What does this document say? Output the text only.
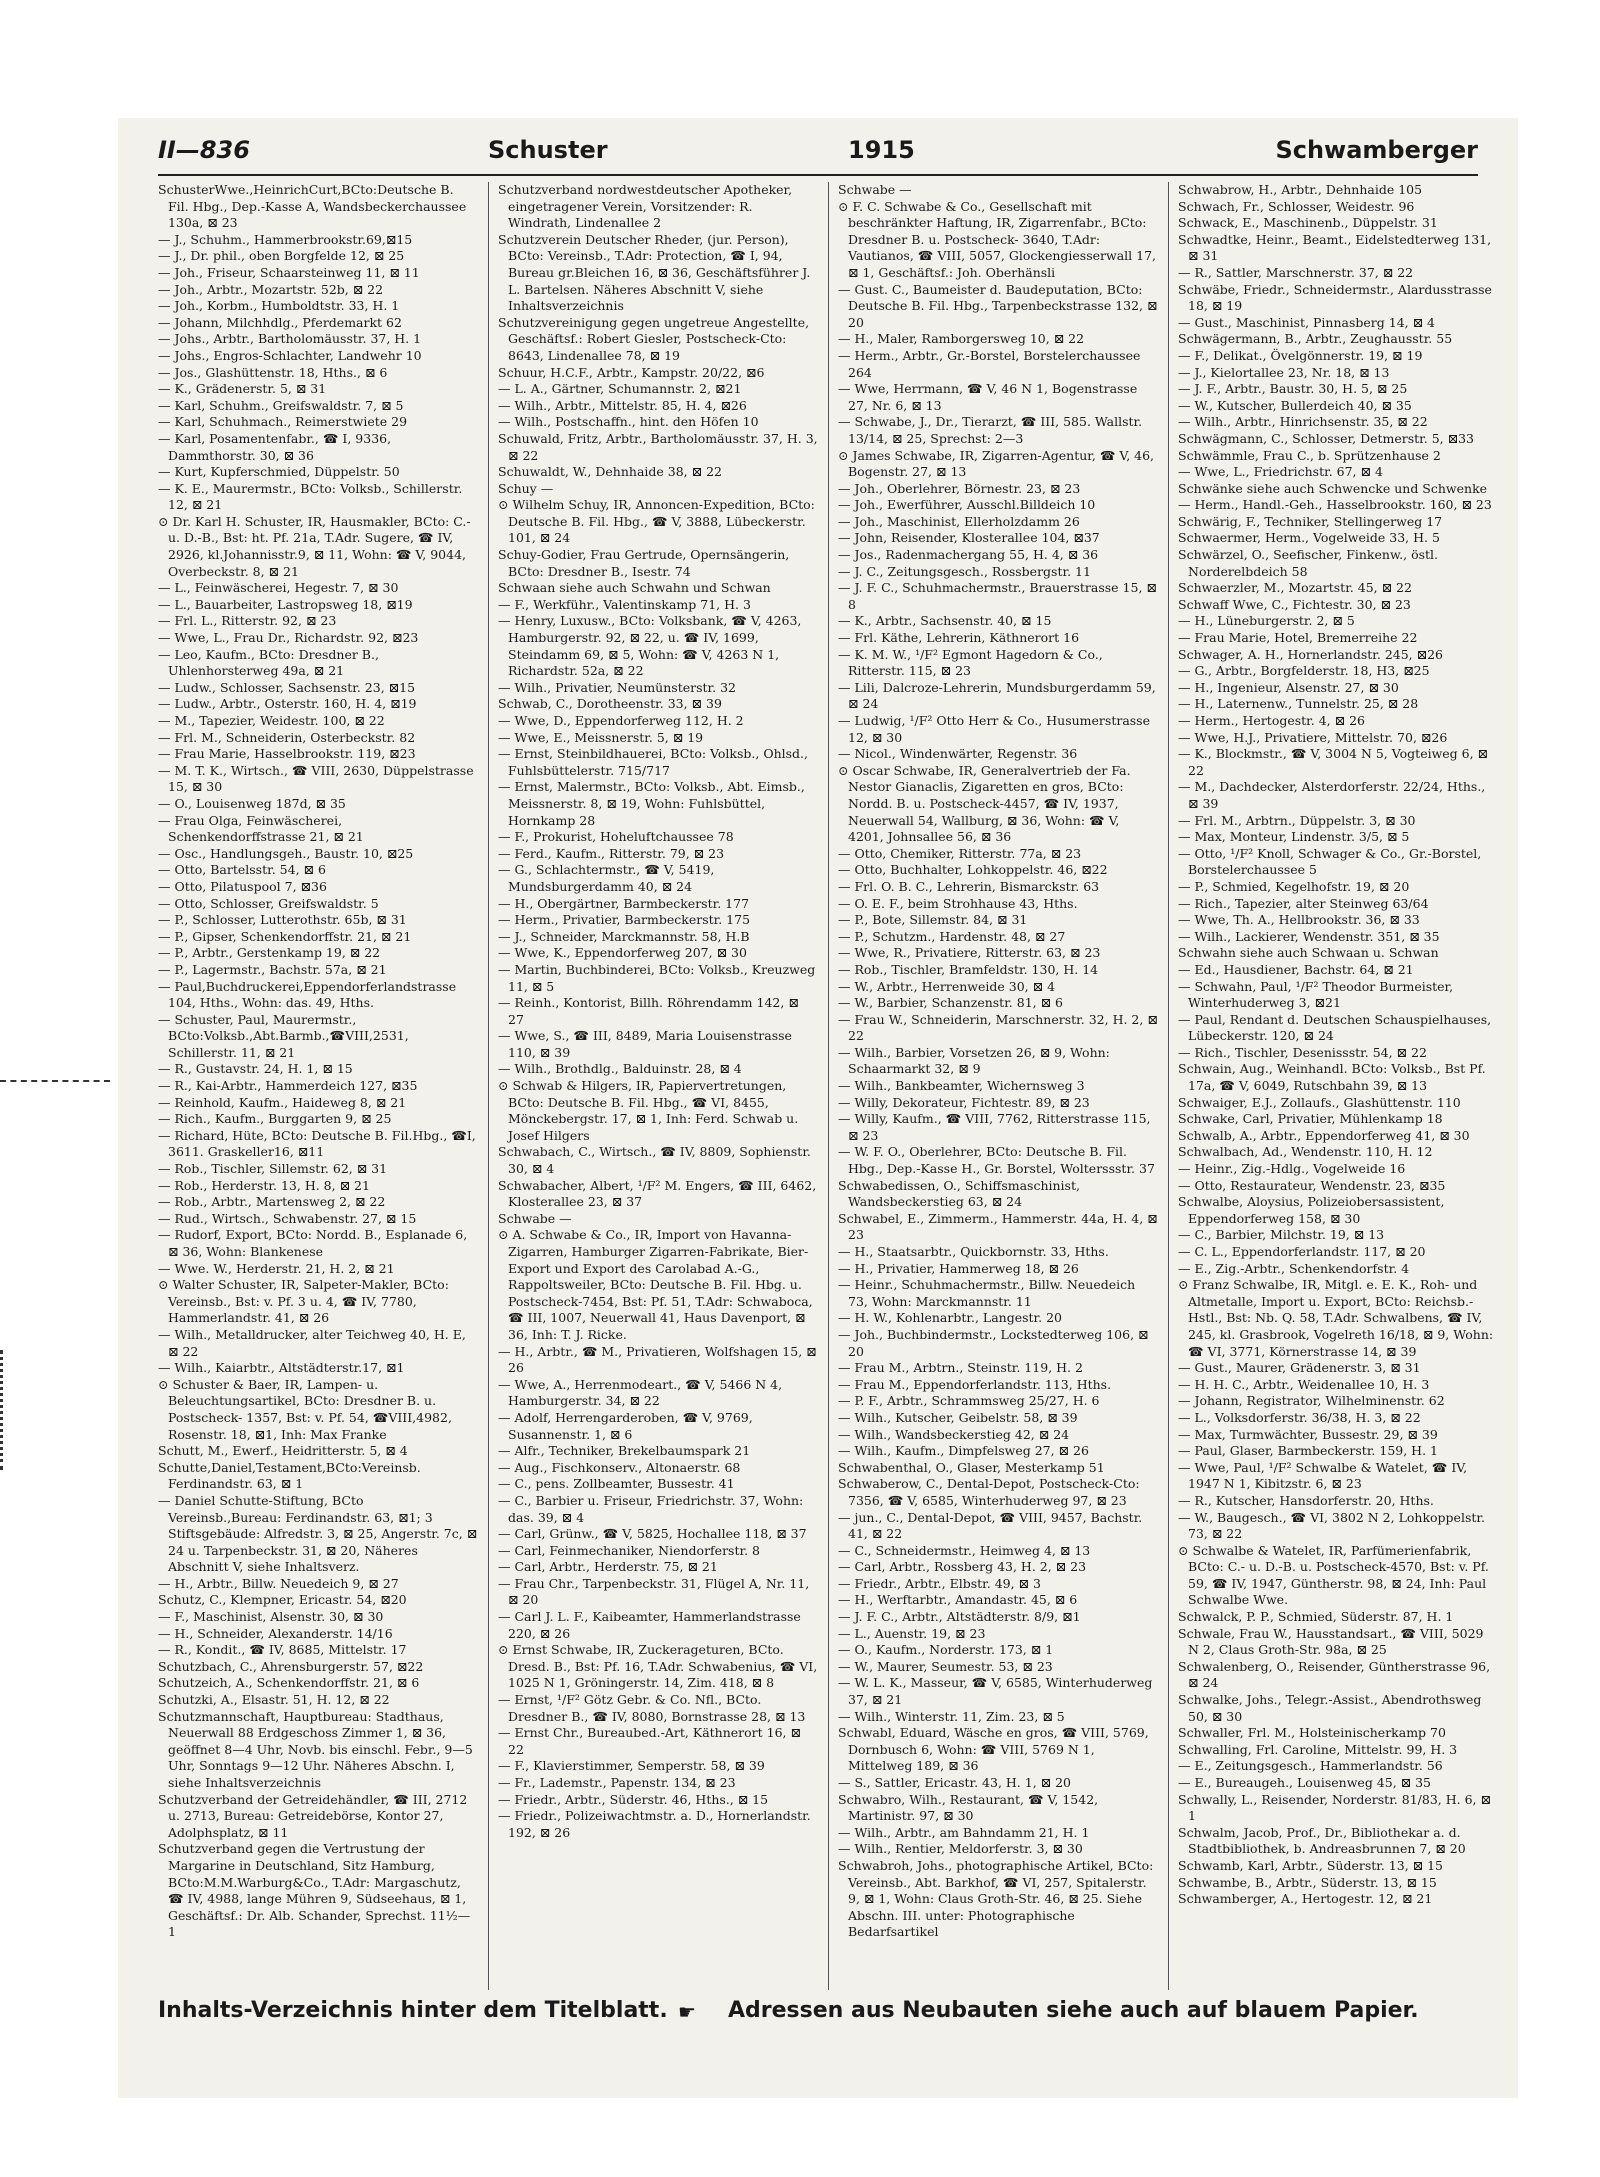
II—836	Schuster	1915	Schwamberger

SchusterWwe.,HeinrichCurt,BCto:Deutsche B. Fil. Hbg., Dep.-Kasse A, Wandsbeckerchaussee 130a, ⊠ 23

— J., Schuhm., Hammerbrookstr.69,⊠15

— J., Dr. phil., oben Borgfelde 12, ⊠ 25

— Joh., Friseur, Schaarsteinweg 11, ⊠ 11

— Joh., Arbtr., Mozartstr. 52b, ⊠ 22

— Joh., Korbm., Humboldtstr. 33, H. 1

— Johann, Milchhdlg., Pferdemarkt 62

— Johs., Arbtr., Bartholomäusstr. 37, H. 1

— Johs., Engros-Schlachter, Landwehr 10

— Jos., Glashüttenstr. 18, Hths., ⊠ 6

— K., Grädenerstr. 5, ⊠ 31

— Karl, Schuhm., Greifswaldstr. 7, ⊠ 5

— Karl, Schuhmach., Reimerstwiete 29

— Karl, Posamentenfabr., ☎ I, 9336, Dammthorstr. 30, ⊠ 36

— Kurt, Kupferschmied, Düppelstr. 50

— K. E., Maurermstr., BCto: Volksb., Schillerstr. 12, ⊠ 21

⊙ Dr. Karl H. Schuster, IR, Hausmakler, BCto: C.- u. D.-B., Bst: ht. Pf. 21a, T.Adr. Sugere, ☎ IV, 2926, kl.Johannisstr.9, ⊠ 11, Wohn: ☎ V, 9044, Overbeckstr. 8, ⊠ 21

— L., Feinwäscherei, Hegestr. 7, ⊠ 30

— L., Bauarbeiter, Lastropsweg 18, ⊠19

— Frl. L., Ritterstr. 92, ⊠ 23

— Wwe, L., Frau Dr., Richardstr. 92, ⊠23

— Leo, Kaufm., BCto: Dresdner B., Uhlenhorsterweg 49a, ⊠ 21

— Ludw., Schlosser, Sachsenstr. 23, ⊠15

— Ludw., Arbtr., Osterstr. 160, H. 4, ⊠19

— M., Tapezier, Weidestr. 100, ⊠ 22

— Frl. M., Schneiderin, Osterbeckstr. 82

— Frau Marie, Hasselbrookstr. 119, ⊠23

— M. T. K., Wirtsch., ☎ VIII, 2630, Düppelstrasse 15, ⊠ 30

— O., Louisenweg 187d, ⊠ 35

— Frau Olga, Feinwäscherei, Schenkendorffstrasse 21, ⊠ 21

— Osc., Handlungsgeh., Baustr. 10, ⊠25

— Otto, Bartelsstr. 54, ⊠ 6

— Otto, Pilatuspool 7, ⊠36

— Otto, Schlosser, Greifswaldstr. 5

— P., Schlosser, Lutterothstr. 65b, ⊠ 31

— P., Gipser, Schenkendorffstr. 21, ⊠ 21

— P., Arbtr., Gerstenkamp 19, ⊠ 22

— P., Lagermstr., Bachstr. 57a, ⊠ 21

— Paul,Buchdruckerei,Eppendorferlandstrasse 104, Hths., Wohn: das. 49, Hths.

— Schuster, Paul, Maurermstr., BCto:Volksb.,Abt.Barmb.,☎VIII,2531, Schillerstr. 11, ⊠ 21

— R., Gustavstr. 24, H. 1, ⊠ 15

— R., Kai-Arbtr., Hammerdeich 127, ⊠35

— Reinhold, Kaufm., Haideweg 8, ⊠ 21

— Rich., Kaufm., Burggarten 9, ⊠ 25

— Richard, Hüte, BCto: Deutsche B. Fil.Hbg., ☎I, 3611. Graskeller16, ⊠11

— Rob., Tischler, Sillemstr. 62, ⊠ 31

— Rob., Herderstr. 13, H. 8, ⊠ 21

— Rob., Arbtr., Martensweg 2, ⊠ 22

— Rud., Wirtsch., Schwabenstr. 27, ⊠ 15

— Rudorf, Export, BCto: Nordd. B., Esplanade 6, ⊠ 36, Wohn: Blankenese

— Wwe. W., Herderstr. 21, H. 2, ⊠ 21

⊙ Walter Schuster, IR, Salpeter-Makler, BCto: Vereinsb., Bst: v. Pf. 3 u. 4, ☎ IV, 7780, Hammerlandstr. 41, ⊠ 26

— Wilh., Metalldrucker, alter Teichweg 40, H. E, ⊠ 22

— Wilh., Kaiarbtr., Altstädterstr.17, ⊠1

⊙ Schuster & Baer, IR, Lampen- u. Beleuchtungsartikel, BCto: Dresdner B. u. Postscheck- 1357, Bst: v. Pf. 54, ☎VIII,4982, Rosenstr. 18, ⊠1, Inh: Max Franke

Schutt, M., Ewerf., Heidritterstr. 5, ⊠ 4

Schutte,Daniel,Testament,BCto:Vereinsb. Ferdinandstr. 63, ⊠ 1

— Daniel Schutte-Stiftung, BCto Vereinsb.,Bureau: Ferdinandstr. 63, ⊠1; 3 Stiftsgebäude: Alfredstr. 3, ⊠ 25, Angerstr. 7c, ⊠ 24 u. Tarpenbeckstr. 31, ⊠ 20, Näheres Abschnitt V, siehe Inhaltsverz.

— H., Arbtr., Billw. Neuedeich 9, ⊠ 27

Schutz, C., Klempner, Ericastr. 54, ⊠20

— F., Maschinist, Alsenstr. 30, ⊠ 30

— H., Schneider, Alexanderstr. 14/16

— R., Kondit., ☎ IV, 8685, Mittelstr. 17

Schutzbach, C., Ahrensburgerstr. 57, ⊠22

Schutzeich, A., Schenkendorffstr. 21, ⊠ 6

Schutzki, A., Elsastr. 51, H. 12, ⊠ 22

Schutzmannschaft, Hauptbureau: Stadthaus, Neuerwall 88 Erdgeschoss Zimmer 1, ⊠ 36, geöffnet 8—4 Uhr, Novb. bis einschl. Febr., 9—5 Uhr, Sonntags 9—12 Uhr. Näheres Abschn. I, siehe Inhaltsverzeichnis

Schutzverband der Getreidehändler, ☎ III, 2712 u. 2713, Bureau: Getreidebörse, Kontor 27, Adolphsplatz, ⊠ 11

Schutzverband gegen die Vertrustung der Margarine in Deutschland, Sitz Hamburg, BCto:M.M.Warburg&Co., T.Adr: Margaschutz, ☎ IV, 4988, lange Mühren 9, Südseehaus, ⊠ 1, Geschäftsf.: Dr. Alb. Schander, Sprechst. 11½—1

Schutzverband nordwestdeutscher Apotheker, eingetragener Verein, Vorsitzender: R. Windrath, Lindenallee 2

Schutzverein Deutscher Rheder, (jur. Person), BCto: Vereinsb., T.Adr: Protection, ☎ I, 94, Bureau gr.Bleichen 16, ⊠ 36, Geschäftsführer J. L. Bartelsen. Näheres Abschnitt V, siehe Inhaltsverzeichnis

Schutzvereinigung gegen ungetreue Angestellte, Geschäftsf.: Robert Giesler, Postscheck-Cto: 8643, Lindenallee 78, ⊠ 19

Schuur, H.C.F., Arbtr., Kampstr. 20/22, ⊠6

— L. A., Gärtner, Schumannstr. 2, ⊠21

— Wilh., Arbtr., Mittelstr. 85, H. 4, ⊠26

— Wilh., Postschaffn., hint. den Höfen 10

Schuwald, Fritz, Arbtr., Bartholomäusstr. 37, H. 3, ⊠ 22

Schuwaldt, W., Dehnhaide 38, ⊠ 22

Schuy —

⊙ Wilhelm Schuy, IR, Annoncen-Expedition, BCto: Deutsche B. Fil. Hbg., ☎ V, 3888, Lübeckerstr. 101, ⊠ 24

Schuy-Godier, Frau Gertrude, Opernsängerin, BCto: Dresdner B., Isestr. 74

Schwaan siehe auch Schwahn und Schwan

— F., Werkführ., Valentinskamp 71, H. 3

— Henry, Luxusw., BCto: Volksbank, ☎ V, 4263, Hamburgerstr. 92, ⊠ 22, u. ☎ IV, 1699, Steindamm 69, ⊠ 5, Wohn: ☎ V, 4263 N 1, Richardstr. 52a, ⊠ 22

— Wilh., Privatier, Neumünsterstr. 32

Schwab, C., Dorotheenstr. 33, ⊠ 39

— Wwe, D., Eppendorferweg 112, H. 2

— Wwe, E., Meissnerstr. 5, ⊠ 19

— Ernst, Steinbildhauerei, BCto: Volksb., Ohlsd., Fuhlsbüttelerstr. 715/717

— Ernst, Malermstr., BCto: Volksb., Abt. Eimsb., Meissnerstr. 8, ⊠ 19, Wohn: Fuhlsbüttel, Hornkamp 28

— F., Prokurist, Hoheluftchaussee 78

— Ferd., Kaufm., Ritterstr. 79, ⊠ 23

— G., Schlachtermstr., ☎ V, 5419, Mundsburgerdamm 40, ⊠ 24

— H., Obergärtner, Barmbeckerstr. 177

— Herm., Privatier, Barmbeckerstr. 175

— J., Schneider, Marckmannstr. 58, H.B

— Wwe, K., Eppendorferweg 207, ⊠ 30

— Martin, Buchbinderei, BCto: Volksb., Kreuzweg 11, ⊠ 5

— Reinh., Kontorist, Billh. Röhrendamm 142, ⊠ 27

— Wwe, S., ☎ III, 8489, Maria Louisenstrasse 110, ⊠ 39

— Wilh., Brothdlg., Balduinstr. 28, ⊠ 4

⊙ Schwab & Hilgers, IR, Papiervertretungen, BCto: Deutsche B. Fil. Hbg., ☎ VI, 8455, Mönckebergstr. 17, ⊠ 1, Inh: Ferd. Schwab u. Josef Hilgers

Schwabach, C., Wirtsch., ☎ IV, 8809, Sophienstr. 30, ⊠ 4

Schwabacher, Albert, ¹/F² M. Engers, ☎ III, 6462, Klosterallee 23, ⊠ 37

Schwabe —

⊙ A. Schwabe & Co., IR, Import von Havanna-Zigarren, Hamburger Zigarren-Fabrikate, Bier-Export und Export des Carolabad A.-G., Rappoltsweiler, BCto: Deutsche B. Fil. Hbg. u. Postscheck-7454, Bst: Pf. 51, T.Adr: Schwaboca, ☎ III, 1007, Neuerwall 41, Haus Davenport, ⊠ 36, Inh: T. J. Ricke.

— H., Arbtr., ☎ M., Privatieren, Wolfshagen 15, ⊠ 26

— Wwe, A., Herrenmodeart., ☎ V, 5466 N 4, Hamburgerstr. 34, ⊠ 22

— Adolf, Herrengarderoben, ☎ V, 9769, Susannenstr. 1, ⊠ 6

— Alfr., Techniker, Brekelbaumspark 21

— Aug., Fischkonserv., Altonaerstr. 68

— C., pens. Zollbeamter, Bussestr. 41

— C., Barbier u. Friseur, Friedrichstr. 37, Wohn: das. 39, ⊠ 4

— Carl, Grünw., ☎ V, 5825, Hochallee 118, ⊠ 37

— Carl, Feinmechaniker, Niendorferstr. 8

— Carl, Arbtr., Herderstr. 75, ⊠ 21

— Frau Chr., Tarpenbeckstr. 31, Flügel A, Nr. 11, ⊠ 20

— Carl J. L. F., Kaibeamter, Hammerlandstrasse 220, ⊠ 26

⊙ Ernst Schwabe, IR, Zuckerageturen, BCto. Dresd. B., Bst: Pf. 16, T.Adr. Schwabenius, ☎ VI, 1025 N 1, Gröningerstr. 14, Zim. 418, ⊠ 8

— Ernst, ¹/F² Götz Gebr. & Co. Nfl., BCto. Dresdner B., ☎ IV, 8080, Bornstrasse 28, ⊠ 13

— Ernst Chr., Bureaubed.-Art, Käthnerort 16, ⊠ 22

— F., Klavierstimmer, Semperstr. 58, ⊠ 39

— Fr., Lademstr., Papenstr. 134, ⊠ 23

— Friedr., Arbtr., Süderstr. 46, Hths., ⊠ 15

— Friedr., Polizeiwachtmstr. a. D., Hornerlandstr. 192, ⊠ 26

Schwabe —

⊙ F. C. Schwabe & Co., Gesellschaft mit beschränkter Haftung, IR, Zigarrenfabr., BCto: Dresdner B. u. Postscheck- 3640, T.Adr: Vautianos, ☎ VIII, 5057, Glockengiesserwall 17, ⊠ 1, Geschäftsf.: Joh. Oberhänsli

— Gust. C., Baumeister d. Baudeputation, BCto: Deutsche B. Fil. Hbg., Tarpenbeckstrasse 132, ⊠ 20

— H., Maler, Ramborgersweg 10, ⊠ 22

— Herm., Arbtr., Gr.-Borstel, Borstelerchaussee 264

— Wwe, Herrmann, ☎ V, 46 N 1, Bogenstrasse 27, Nr. 6, ⊠ 13

— Schwabe, J., Dr., Tierarzt, ☎ III, 585. Wallstr. 13/14, ⊠ 25, Sprechst: 2—3

⊙ James Schwabe, IR, Zigarren-Agentur, ☎ V, 46, Bogenstr. 27, ⊠ 13

— Joh., Oberlehrer, Börnestr. 23, ⊠ 23

— Joh., Ewerführer, Ausschl.Billdeich 10

— Joh., Maschinist, Ellerholzdamm 26

— John, Reisender, Klosterallee 104, ⊠37

— Jos., Radenmachergang 55, H. 4, ⊠ 36

— J. C., Zeitungsgesch., Rossbergstr. 11

— J. F. C., Schuhmachermstr., Brauerstrasse 15, ⊠ 8

— K., Arbtr., Sachsenstr. 40, ⊠ 15

— Frl. Käthe, Lehrerin, Käthnerort 16

— K. M. W., ¹/F² Egmont Hagedorn & Co., Ritterstr. 115, ⊠ 23

— Lili, Dalcroze-Lehrerin, Mundsburgerdamm 59, ⊠ 24

— Ludwig, ¹/F² Otto Herr & Co., Husumerstrasse 12, ⊠ 30

— Nicol., Windenwärter, Regenstr. 36

⊙ Oscar Schwabe, IR, Generalvertrieb der Fa. Nestor Gianaclis, Zigaretten en gros, BCto: Nordd. B. u. Postscheck-4457, ☎ IV, 1937, Neuerwall 54, Wallburg, ⊠ 36, Wohn: ☎ V, 4201, Johnsallee 56, ⊠ 36

— Otto, Chemiker, Ritterstr. 77a, ⊠ 23

— Otto, Buchhalter, Lohkoppelstr. 46, ⊠22

— Frl. O. B. C., Lehrerin, Bismarckstr. 63

— O. E. F., beim Strohhause 43, Hths.

— P., Bote, Sillemstr. 84, ⊠ 31

— P., Schutzm., Hardenstr. 48, ⊠ 27

— Wwe, R., Privatiere, Ritterstr. 63, ⊠ 23

— Rob., Tischler, Bramfeldstr. 130, H. 14

— W., Arbtr., Herrenweide 30, ⊠ 4

— W., Barbier, Schanzenstr. 81, ⊠ 6

— Frau W., Schneiderin, Marschnerstr. 32, H. 2, ⊠ 22

— Wilh., Barbier, Vorsetzen 26, ⊠ 9, Wohn: Schaarmarkt 32, ⊠ 9

— Wilh., Bankbeamter, Wichernsweg 3

— Willy, Dekorateur, Fichtestr. 89, ⊠ 23

— Willy, Kaufm., ☎ VIII, 7762, Ritterstrasse 115, ⊠ 23

— W. F. O., Oberlehrer, BCto: Deutsche B. Fil. Hbg., Dep.-Kasse H., Gr. Borstel, Wolterssstr. 37

Schwabedissen, O., Schiffsmaschinist, Wandsbeckerstieg 63, ⊠ 24

Schwabel, E., Zimmerm., Hammerstr. 44a, H. 4, ⊠ 23

— H., Staatsarbtr., Quickbornstr. 33, Hths.

— H., Privatier, Hammerweg 18, ⊠ 26

— Heinr., Schuhmachermstr., Billw. Neuedeich 73, Wohn: Marckmannstr. 11

— H. W., Kohlenarbtr., Langestr. 20

— Joh., Buchbindermstr., Lockstedterweg 106, ⊠ 20

— Frau M., Arbtrn., Steinstr. 119, H. 2

— Frau M., Eppendorferlandstr. 113, Hths.

— P. F., Arbtr., Schrammsweg 25/27, H. 6

— Wilh., Kutscher, Geibelstr. 58, ⊠ 39

— Wilh., Wandsbeckerstieg 42, ⊠ 24

— Wilh., Kaufm., Dimpfelsweg 27, ⊠ 26

Schwabenthal, O., Glaser, Mesterkamp 51

Schwaberow, C., Dental-Depot, Postscheck-Cto: 7356, ☎ V, 6585, Winterhuderweg 97, ⊠ 23

— jun., C., Dental-Depot, ☎ VIII, 9457, Bachstr. 41, ⊠ 22

— C., Schneidermstr., Heimweg 4, ⊠ 13

— Carl, Arbtr., Rossberg 43, H. 2, ⊠ 23

— Friedr., Arbtr., Elbstr. 49, ⊠ 3

— H., Werftarbtr., Amandastr. 45, ⊠ 6

— J. F. C., Arbtr., Altstädterstr. 8/9, ⊠1

— L., Auenstr. 19, ⊠ 23

— O., Kaufm., Norderstr. 173, ⊠ 1

— W., Maurer, Seumestr. 53, ⊠ 23

— W. L. K., Masseur, ☎ V, 6585, Winterhuderweg 37, ⊠ 21

— Wilh., Winterstr. 11, Zim. 23, ⊠ 5

Schwabl, Eduard, Wäsche en gros, ☎ VIII, 5769, Dornbusch 6, Wohn: ☎ VIII, 5769 N 1, Mittelweg 189, ⊠ 36

— S., Sattler, Ericastr. 43, H. 1, ⊠ 20

Schwabro, Wilh., Restaurant, ☎ V, 1542, Martinistr. 97, ⊠ 30

— Wilh., Arbtr., am Bahndamm 21, H. 1

— Wilh., Rentier, Meldorferstr. 3, ⊠ 30

Schwabroh, Johs., photographische Artikel, BCto: Vereinsb., Abt. Barkhof, ☎ VI, 257, Spitalerstr. 9, ⊠ 1, Wohn: Claus Groth-Str. 46, ⊠ 25. Siehe Abschn. III. unter: Photographische Bedarfsartikel

Schwabrow, H., Arbtr., Dehnhaide 105

Schwach, Fr., Schlosser, Weidestr. 96

Schwack, E., Maschinenb., Düppelstr. 31

Schwadtke, Heinr., Beamt., Eidelstedterweg 131, ⊠ 31

— R., Sattler, Marschnerstr. 37, ⊠ 22

Schwäbe, Friedr., Schneidermstr., Alardusstrasse 18, ⊠ 19

— Gust., Maschinist, Pinnasberg 14, ⊠ 4

Schwägermann, B., Arbtr., Zeughausstr. 55

— F., Delikat., Övelgönnerstr. 19, ⊠ 19

— J., Kielortallee 23, Nr. 18, ⊠ 13

— J. F., Arbtr., Baustr. 30, H. 5, ⊠ 25

— W., Kutscher, Bullerdeich 40, ⊠ 35

— Wilh., Arbtr., Hinrichsenstr. 35, ⊠ 22

Schwägmann, C., Schlosser, Detmerstr. 5, ⊠33

Schwämmle, Frau C., b. Sprützenhause 2

— Wwe, L., Friedrichstr. 67, ⊠ 4

Schwänke siehe auch Schwencke und Schwenke

— Herm., Handl.-Geh., Hasselbrookstr. 160, ⊠ 23

Schwärig, F., Techniker, Stellingerweg 17

Schwaermer, Herm., Vogelweide 33, H. 5

Schwärzel, O., Seefischer, Finkenw., östl. Norderelbdeich 58

Schwaerzler, M., Mozartstr. 45, ⊠ 22

Schwaff Wwe, C., Fichtestr. 30, ⊠ 23

— H., Lüneburgerstr. 2, ⊠ 5

— Frau Marie, Hotel, Bremerreihe 22

Schwager, A. H., Hornerlandstr. 245, ⊠26

— G., Arbtr., Borgfelderstr. 18, H3, ⊠25

— H., Ingenieur, Alsenstr. 27, ⊠ 30

— H., Laternenw., Tunnelstr. 25, ⊠ 28

— Herm., Hertogestr. 4, ⊠ 26

— Wwe, H.J., Privatiere, Mittelstr. 70, ⊠26

— K., Blockmstr., ☎ V, 3004 N 5, Vogteiweg 6, ⊠ 22

— M., Dachdecker, Alsterdorferstr. 22/24, Hths., ⊠ 39

— Frl. M., Arbtrn., Düppelstr. 3, ⊠ 30

— Max, Monteur, Lindenstr. 3/5, ⊠ 5

— Otto, ¹/F² Knoll, Schwager & Co., Gr.-Borstel, Borstelerchaussee 5

— P., Schmied, Kegelhofstr. 19, ⊠ 20

— Rich., Tapezier, alter Steinweg 63/64

— Wwe, Th. A., Hellbrookstr. 36, ⊠ 33

— Wilh., Lackierer, Wendenstr. 351, ⊠ 35

Schwahn siehe auch Schwaan u. Schwan

— Ed., Hausdiener, Bachstr. 64, ⊠ 21

— Schwahn, Paul, ¹/F² Theodor Burmeister, Winterhuderweg 3, ⊠21

— Paul, Rendant d. Deutschen Schauspielhauses, Lübeckerstr. 120, ⊠ 24

— Rich., Tischler, Desenissstr. 54, ⊠ 22

Schwain, Aug., Weinhandl. BCto: Volksb., Bst Pf. 17a, ☎ V, 6049, Rutschbahn 39, ⊠ 13

Schwaiger, E.J., Zollaufs., Glashüttenstr. 110

Schwake, Carl, Privatier, Mühlenkamp 18

Schwalb, A., Arbtr., Eppendorferweg 41, ⊠ 30

Schwalbach, Ad., Wendenstr. 110, H. 12

— Heinr., Zig.-Hdlg., Vogelweide 16

— Otto, Restaurateur, Wendenstr. 23, ⊠35

Schwalbe, Aloysius, Polizeiobersassistent, Eppendorferweg 158, ⊠ 30

— C., Barbier, Milchstr. 19, ⊠ 13

— C. L., Eppendorferlandstr. 117, ⊠ 20

— E., Zig.-Arbtr., Schenkendorfstr. 4

⊙ Franz Schwalbe, IR, Mitgl. e. E. K., Roh- und Altmetalle, Import u. Export, BCto: Reichsb.-Hstl., Bst: Nb. Q. 58, T.Adr. Schwalbens, ☎ IV, 245, kl. Grasbrook, Vogelreth 16/18, ⊠ 9, Wohn: ☎ VI, 3771, Körnerstrasse 14, ⊠ 39

— Gust., Maurer, Grädenerstr. 3, ⊠ 31

— H. H. C., Arbtr., Weidenallee 10, H. 3

— Johann, Registrator, Wilhelminenstr. 62

— L., Volksdorferstr. 36/38, H. 3, ⊠ 22

— Max, Turmwächter, Bussestr. 29, ⊠ 39

— Paul, Glaser, Barmbeckerstr. 159, H. 1

— Wwe, Paul, ¹/F² Schwalbe & Watelet, ☎ IV, 1947 N 1, Kibitzstr. 6, ⊠ 23

— R., Kutscher, Hansdorferstr. 20, Hths.

— W., Baugesch., ☎ VI, 3802 N 2, Lohkoppelstr. 73, ⊠ 22

⊙ Schwalbe & Watelet, IR, Parfümerienfabrik, BCto: C.- u. D.-B. u. Postscheck-4570, Bst: v. Pf. 59, ☎ IV, 1947, Güntherstr. 98, ⊠ 24, Inh: Paul Schwalbe Wwe.

Schwalck, P. P., Schmied, Süderstr. 87, H. 1

Schwale, Frau W., Hausstandsart., ☎ VIII, 5029 N 2, Claus Groth-Str. 98a, ⊠ 25

Schwalenberg, O., Reisender, Güntherstrasse 96, ⊠ 24

Schwalke, Johs., Telegr.-Assist., Abendrothsweg 50, ⊠ 30

Schwaller, Frl. M., Holsteinischerkamp 70

Schwalling, Frl. Caroline, Mittelstr. 99, H. 3

— E., Zeitungsgesch., Hammerlandstr. 56

— E., Bureaugeh., Louisenweg 45, ⊠ 35

Schwally, L., Reisender, Norderstr. 81/83, H. 6, ⊠ 1

Schwalm, Jacob, Prof., Dr., Bibliothekar a. d. Stadtbibliothek, b. Andreasbrunnen 7, ⊠ 20

Schwamb, Karl, Arbtr., Süderstr. 13, ⊠ 15

Schwambe, B., Arbtr., Süderstr. 13, ⊠ 15

Schwamberger, A., Hertogestr. 12, ⊠ 21

Inhalts-Verzeichnis hinter dem Titelblatt. ☛ Adressen aus Neubauten siehe auch auf blauem Papier.
